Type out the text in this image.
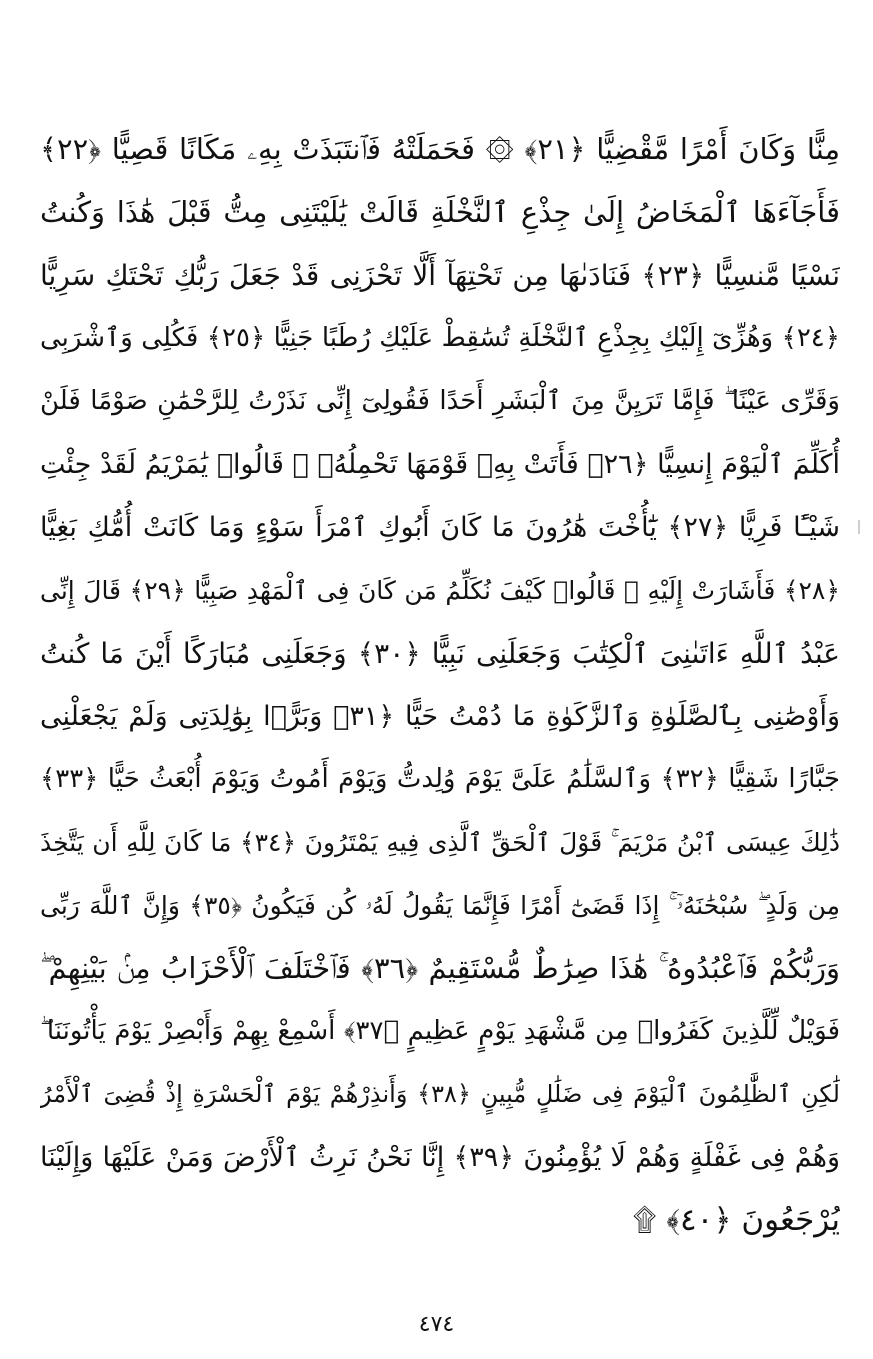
مِنًّا وَكَانَ أَمْرًا مَّقْضِيًّا ﴿٢١﴾ ۞ فَحَمَلَتْهُ فَٱنتَبَذَتْ بِهِۦ مَكَانًا قَصِيًّا ﴿٢٢﴾
فَأَجَآءَهَا ٱلْمَخَاضُ إِلَىٰ جِذْعِ ٱلنَّخْلَةِ قَالَتْ يَٰلَيْتَنِى مِتُّ قَبْلَ هَٰذَا وَكُنتُ
نَسْيًا مَّنسِيًّا ﴿٢٣﴾ فَنَادَىٰهَا مِن تَحْتِهَآ أَلَّا تَحْزَنِى قَدْ جَعَلَ رَبُّكِ تَحْتَكِ سَرِيًّا
﴿٢٤﴾ وَهُزِّىٓ إِلَيْكِ بِجِذْعِ ٱلنَّخْلَةِ تُسَٰقِطْ عَلَيْكِ رُطَبًا جَنِيًّا ﴿٢٥﴾ فَكُلِى وَٱشْرَبِى
وَقَرِّى عَيْنًا ۖ فَإِمَّا تَرَيِنَّ مِنَ ٱلْبَشَرِ أَحَدًا فَقُولِىٓ إِنِّى نَذَرْتُ لِلرَّحْمَٰنِ صَوْمًا فَلَنْ
أُكَلِّمَ ٱلْيَوْمَ إِنسِيًّا ﴿٢٦﴾ فَأَتَتْ بِهِۦ قَوْمَهَا تَحْمِلُهُۥ ۖ قَالُوا۟ يَٰمَرْيَمُ لَقَدْ جِئْتِ
شَيْـًٔا فَرِيًّا ﴿٢٧﴾ يَٰٓأُخْتَ هَٰرُونَ مَا كَانَ أَبُوكِ ٱمْرَأَ سَوْءٍ وَمَا كَانَتْ أُمُّكِ بَغِيًّا
﴿٢٨﴾ فَأَشَارَتْ إِلَيْهِ ۖ قَالُوا۟ كَيْفَ نُكَلِّمُ مَن كَانَ فِى ٱلْمَهْدِ صَبِيًّا ﴿٢٩﴾ قَالَ إِنِّى
عَبْدُ ٱللَّهِ ءَاتَىٰنِىَ ٱلْكِتَٰبَ وَجَعَلَنِى نَبِيًّا ﴿٣٠﴾ وَجَعَلَنِى مُبَارَكًا أَيْنَ مَا كُنتُ
وَأَوْصَٰنِى بِٱلصَّلَوٰةِ وَٱلزَّكَوٰةِ مَا دُمْتُ حَيًّا ﴿٣١﴾ وَبَرًّۢا بِوَٰلِدَتِى وَلَمْ يَجْعَلْنِى
جَبَّارًا شَقِيًّا ﴿٣٢﴾ وَٱلسَّلَٰمُ عَلَىَّ يَوْمَ وُلِدتُّ وَيَوْمَ أَمُوتُ وَيَوْمَ أُبْعَثُ حَيًّا ﴿٣٣﴾
ذَٰلِكَ عِيسَى ٱبْنُ مَرْيَمَ ۚ قَوْلَ ٱلْحَقِّ ٱلَّذِى فِيهِ يَمْتَرُونَ ﴿٣٤﴾ مَا كَانَ لِلَّهِ أَن يَتَّخِذَ
مِن وَلَدٍ ۖ سُبْحَٰنَهُۥٓ ۚ إِذَا قَضَىٰٓ أَمْرًا فَإِنَّمَا يَقُولُ لَهُۥ كُن فَيَكُونُ ﴿٣٥﴾ وَإِنَّ ٱللَّهَ رَبِّى
وَرَبُّكُمْ فَٱعْبُدُوهُ ۚ هَٰذَا صِرَٰطٌ مُّسْتَقِيمٌ ﴿٣٦﴾ فَٱخْتَلَفَ ٱلْأَحْزَابُ مِنۢ بَيْنِهِمْ ۖ
فَوَيْلٌ لِّلَّذِينَ كَفَرُوا۟ مِن مَّشْهَدِ يَوْمٍ عَظِيمٍ ﴿٣٧﴾ أَسْمِعْ بِهِمْ وَأَبْصِرْ يَوْمَ يَأْتُونَنَا ۖ
لَٰكِنِ ٱلظَّٰلِمُونَ ٱلْيَوْمَ فِى ضَلَٰلٍ مُّبِينٍ ﴿٣٨﴾ وَأَنذِرْهُمْ يَوْمَ ٱلْحَسْرَةِ إِذْ قُضِىَ ٱلْأَمْرُ
وَهُمْ فِى غَفْلَةٍ وَهُمْ لَا يُؤْمِنُونَ ﴿٣٩﴾ إِنَّا نَحْنُ نَرِثُ ٱلْأَرْضَ وَمَنْ عَلَيْهَا وَإِلَيْنَا
يُرْجَعُونَ ﴿٤٠﴾ ۩
٤٧٤
